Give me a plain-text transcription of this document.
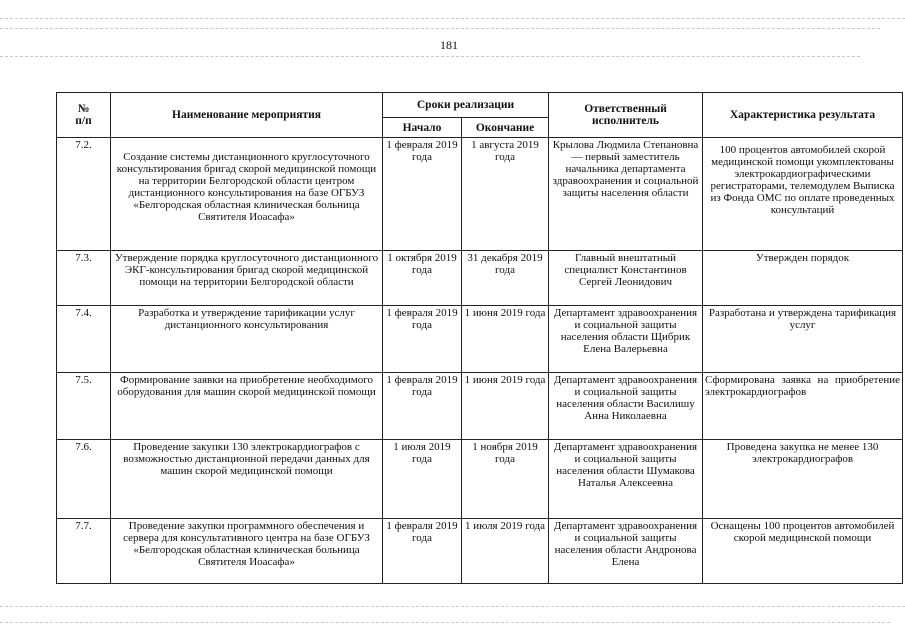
181
№
п/п	Наименование мероприятия	Сроки реализации		Ответственный исполнитель	Характеристика результата
		Начало	Окончание		
7.2.	Создание системы дистанционного круглосуточного консультирования бригад скорой медицинской помощи на территории Белгородской области центром дистанционного консультирования на базе ОГБУЗ «Белгородская областная клиническая больница Святителя Иоасафа»	1 февраля 2019 года	1 августа 2019 года	Крылова Людмила Степановна — первый заместитель начальника департамента здравоохранения и социальной защиты населения области	100 процентов автомобилей скорой медицинской помощи укомплектованы электрокардиографическими регистраторами, телемодулем Выписка из Фонда ОМС по оплате проведенных консультаций
7.3.	Утверждение порядка круглосуточного дистанционного ЭКГ-консультирования бригад скорой медицинской помощи на территории Белгородской области	1 октября 2019 года	31 декабря 2019 года	Главный внештатный специалист Константинов Сергей Леонидович	Утвержден порядок
7.4.	Разработка и утверждение тарификации услуг дистанционного консультирования	1 февраля 2019 года	1 июня 2019 года	Департамент здравоохранения и социальной защиты населения области Щибрик Елена Валерьевна	Разработана и утверждена тарификация услуг
7.5.	Формирование заявки на приобретение необходимого оборудования для машин скорой медицинской помощи	1 февраля 2019 года	1 июня 2019 года	Департамент здравоохранения и социальной защиты населения области Василишу Анна Николаевна	Сформирована заявка на приобретение электрокардиографов
7.6.	Проведение закупки 130 электрокардиографов с возможностью дистанционной передачи данных для машин скорой медицинской помощи	1 июля 2019 года	1 ноября 2019 года	Департамент здравоохранения и социальной защиты населения области Шумакова Наталья Алексеевна	Проведена закупка не менее 130 электрокардиографов
7.7.	Проведение закупки программного обеспечения и сервера для консультативного центра на базе ОГБУЗ «Белгородская областная клиническая больница Святителя Иоасафа»	1 февраля 2019 года	1 июля 2019 года	Департамент здравоохранения и социальной защиты населения области Андронова Елена	Оснащены 100 процентов автомобилей скорой медицинской помощи
